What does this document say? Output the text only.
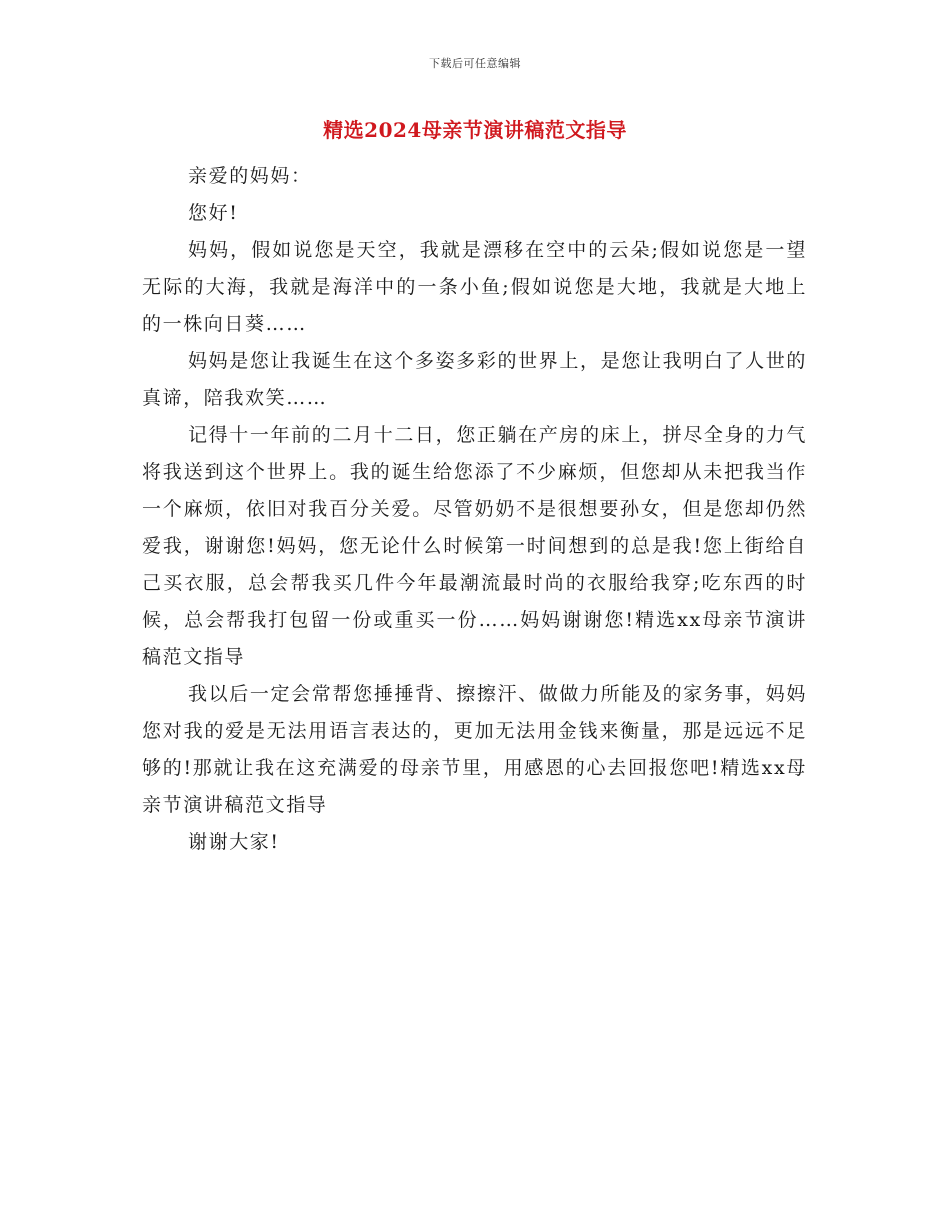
下载后可任意编辑
精选2024母亲节演讲稿范文指导

亲爱的妈妈：

您好!

妈妈，假如说您是天空，我就是漂移在空中的云朵;假如说您是一望无际的大海，我就是海洋中的一条小鱼;假如说您是大地，我就是大地上的一株向日葵……

妈妈是您让我诞生在这个多姿多彩的世界上，是您让我明白了人世的真谛，陪我欢笑……

记得十一年前的二月十二日，您正躺在产房的床上，拼尽全身的力气将我送到这个世界上。我的诞生给您添了不少麻烦，但您却从未把我当作一个麻烦，依旧对我百分关爱。尽管奶奶不是很想要孙女，但是您却仍然爱我，谢谢您!妈妈，您无论什么时候第一时间想到的总是我!您上街给自己买衣服，总会帮我买几件今年最潮流最时尚的衣服给我穿;吃东西的时候，总会帮我打包留一份或重买一份……妈妈谢谢您!精选xx母亲节演讲稿范文指导

我以后一定会常帮您捶捶背、擦擦汗、做做力所能及的家务事，妈妈您对我的爱是无法用语言表达的，更加无法用金钱来衡量，那是远远不足够的!那就让我在这充满爱的母亲节里，用感恩的心去回报您吧!精选xx母亲节演讲稿范文指导

谢谢大家!
